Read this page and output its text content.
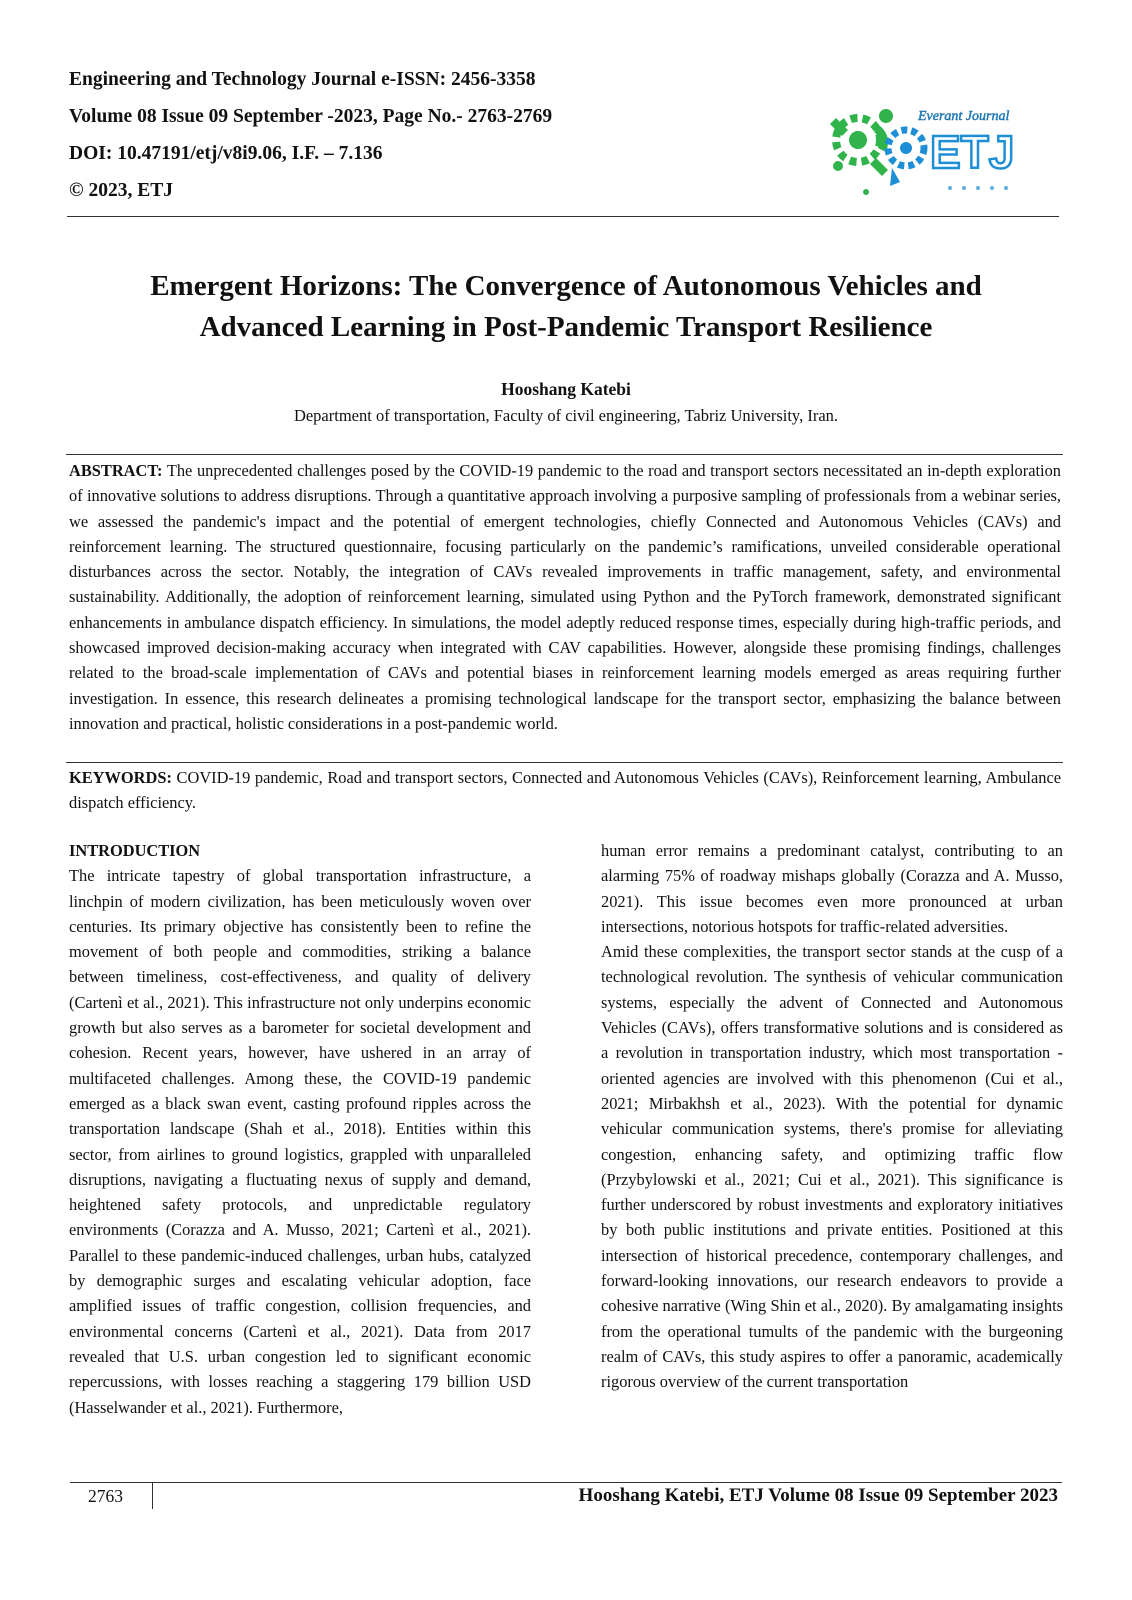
Engineering and Technology Journal e-ISSN: 2456-3358
Volume 08 Issue 09 September -2023, Page No.- 2763-2769
DOI: 10.47191/etj/v8i9.06, I.F. – 7.136
© 2023, ETJ
Everant Journal
ETJ
Emergent Horizons: The Convergence of Autonomous Vehicles and
Advanced Learning in Post-Pandemic Transport Resilience
Hooshang Katebi
Department of transportation, Faculty of civil engineering, Tabriz University, Iran.
ABSTRACT: The unprecedented challenges posed by the COVID-19 pandemic to the road and transport sectors necessitated an in-depth exploration of innovative solutions to address disruptions. Through a quantitative approach involving a purposive sampling of professionals from a webinar series, we assessed the pandemic's impact and the potential of emergent technologies, chiefly Connected and Autonomous Vehicles (CAVs) and reinforcement learning. The structured questionnaire, focusing particularly on the pandemic’s ramifications, unveiled considerable operational disturbances across the sector. Notably, the integration of CAVs revealed improvements in traffic management, safety, and environmental sustainability. Additionally, the adoption of reinforcement learning, simulated using Python and the PyTorch framework, demonstrated significant enhancements in ambulance dispatch efficiency. In simulations, the model adeptly reduced response times, especially during high-traffic periods, and showcased improved decision-making accuracy when integrated with CAV capabilities. However, alongside these promising findings, challenges related to the broad-scale implementation of CAVs and potential biases in reinforcement learning models emerged as areas requiring further investigation. In essence, this research delineates a promising technological landscape for the transport sector, emphasizing the balance between innovation and practical, holistic considerations in a post-pandemic world.
KEYWORDS: COVID-19 pandemic, Road and transport sectors, Connected and Autonomous Vehicles (CAVs), Reinforcement learning, Ambulance dispatch efficiency.
INTRODUCTION

The intricate tapestry of global transportation infrastructure, a linchpin of modern civilization, has been meticulously woven over centuries. Its primary objective has consistently been to refine the movement of both people and commodities, striking a balance between timeliness, cost-effectiveness, and quality of delivery (Cartenì et al., 2021). This infrastructure not only underpins economic growth but also serves as a barometer for societal development and cohesion. Recent years, however, have ushered in an array of multifaceted challenges. Among these, the COVID-19 pandemic emerged as a black swan event, casting profound ripples across the transportation landscape (Shah et al., 2018). Entities within this sector, from airlines to ground logistics, grappled with unparalleled disruptions, navigating a fluctuating nexus of supply and demand, heightened safety protocols, and unpredictable regulatory environments (Corazza and A. Musso, 2021; Cartenì et al., 2021). Parallel to these pandemic-induced challenges, urban hubs, catalyzed by demographic surges and escalating vehicular adoption, face amplified issues of traffic congestion, collision frequencies, and environmental concerns (Cartenì et al., 2021). Data from 2017 revealed that U.S. urban congestion led to significant economic repercussions, with losses reaching a staggering 179 billion USD (Hasselwander et al., 2021). Furthermore,

human error remains a predominant catalyst, contributing to an alarming 75% of roadway mishaps globally (Corazza and A. Musso, 2021). This issue becomes even more pronounced at urban intersections, notorious hotspots for traffic-related adversities.

Amid these complexities, the transport sector stands at the cusp of a technological revolution. The synthesis of vehicular communication systems, especially the advent of Connected and Autonomous Vehicles (CAVs), offers transformative solutions and is considered as a revolution in transportation industry, which most transportation -oriented agencies are involved with this phenomenon (Cui et al., 2021; Mirbakhsh et al., 2023). With the potential for dynamic vehicular communication systems, there's promise for alleviating congestion, enhancing safety, and optimizing traffic flow (Przybylowski et al., 2021; Cui et al., 2021). This significance is further underscored by robust investments and exploratory initiatives by both public institutions and private entities. Positioned at this intersection of historical precedence, contemporary challenges, and forward-looking innovations, our research endeavors to provide a cohesive narrative (Wing Shin et al., 2020). By amalgamating insights from the operational tumults of the pandemic with the burgeoning realm of CAVs, this study aspires to offer a panoramic, academically rigorous overview of the current transportation

2763	Hooshang Katebi, ETJ Volume 08 Issue 09 September 2023
